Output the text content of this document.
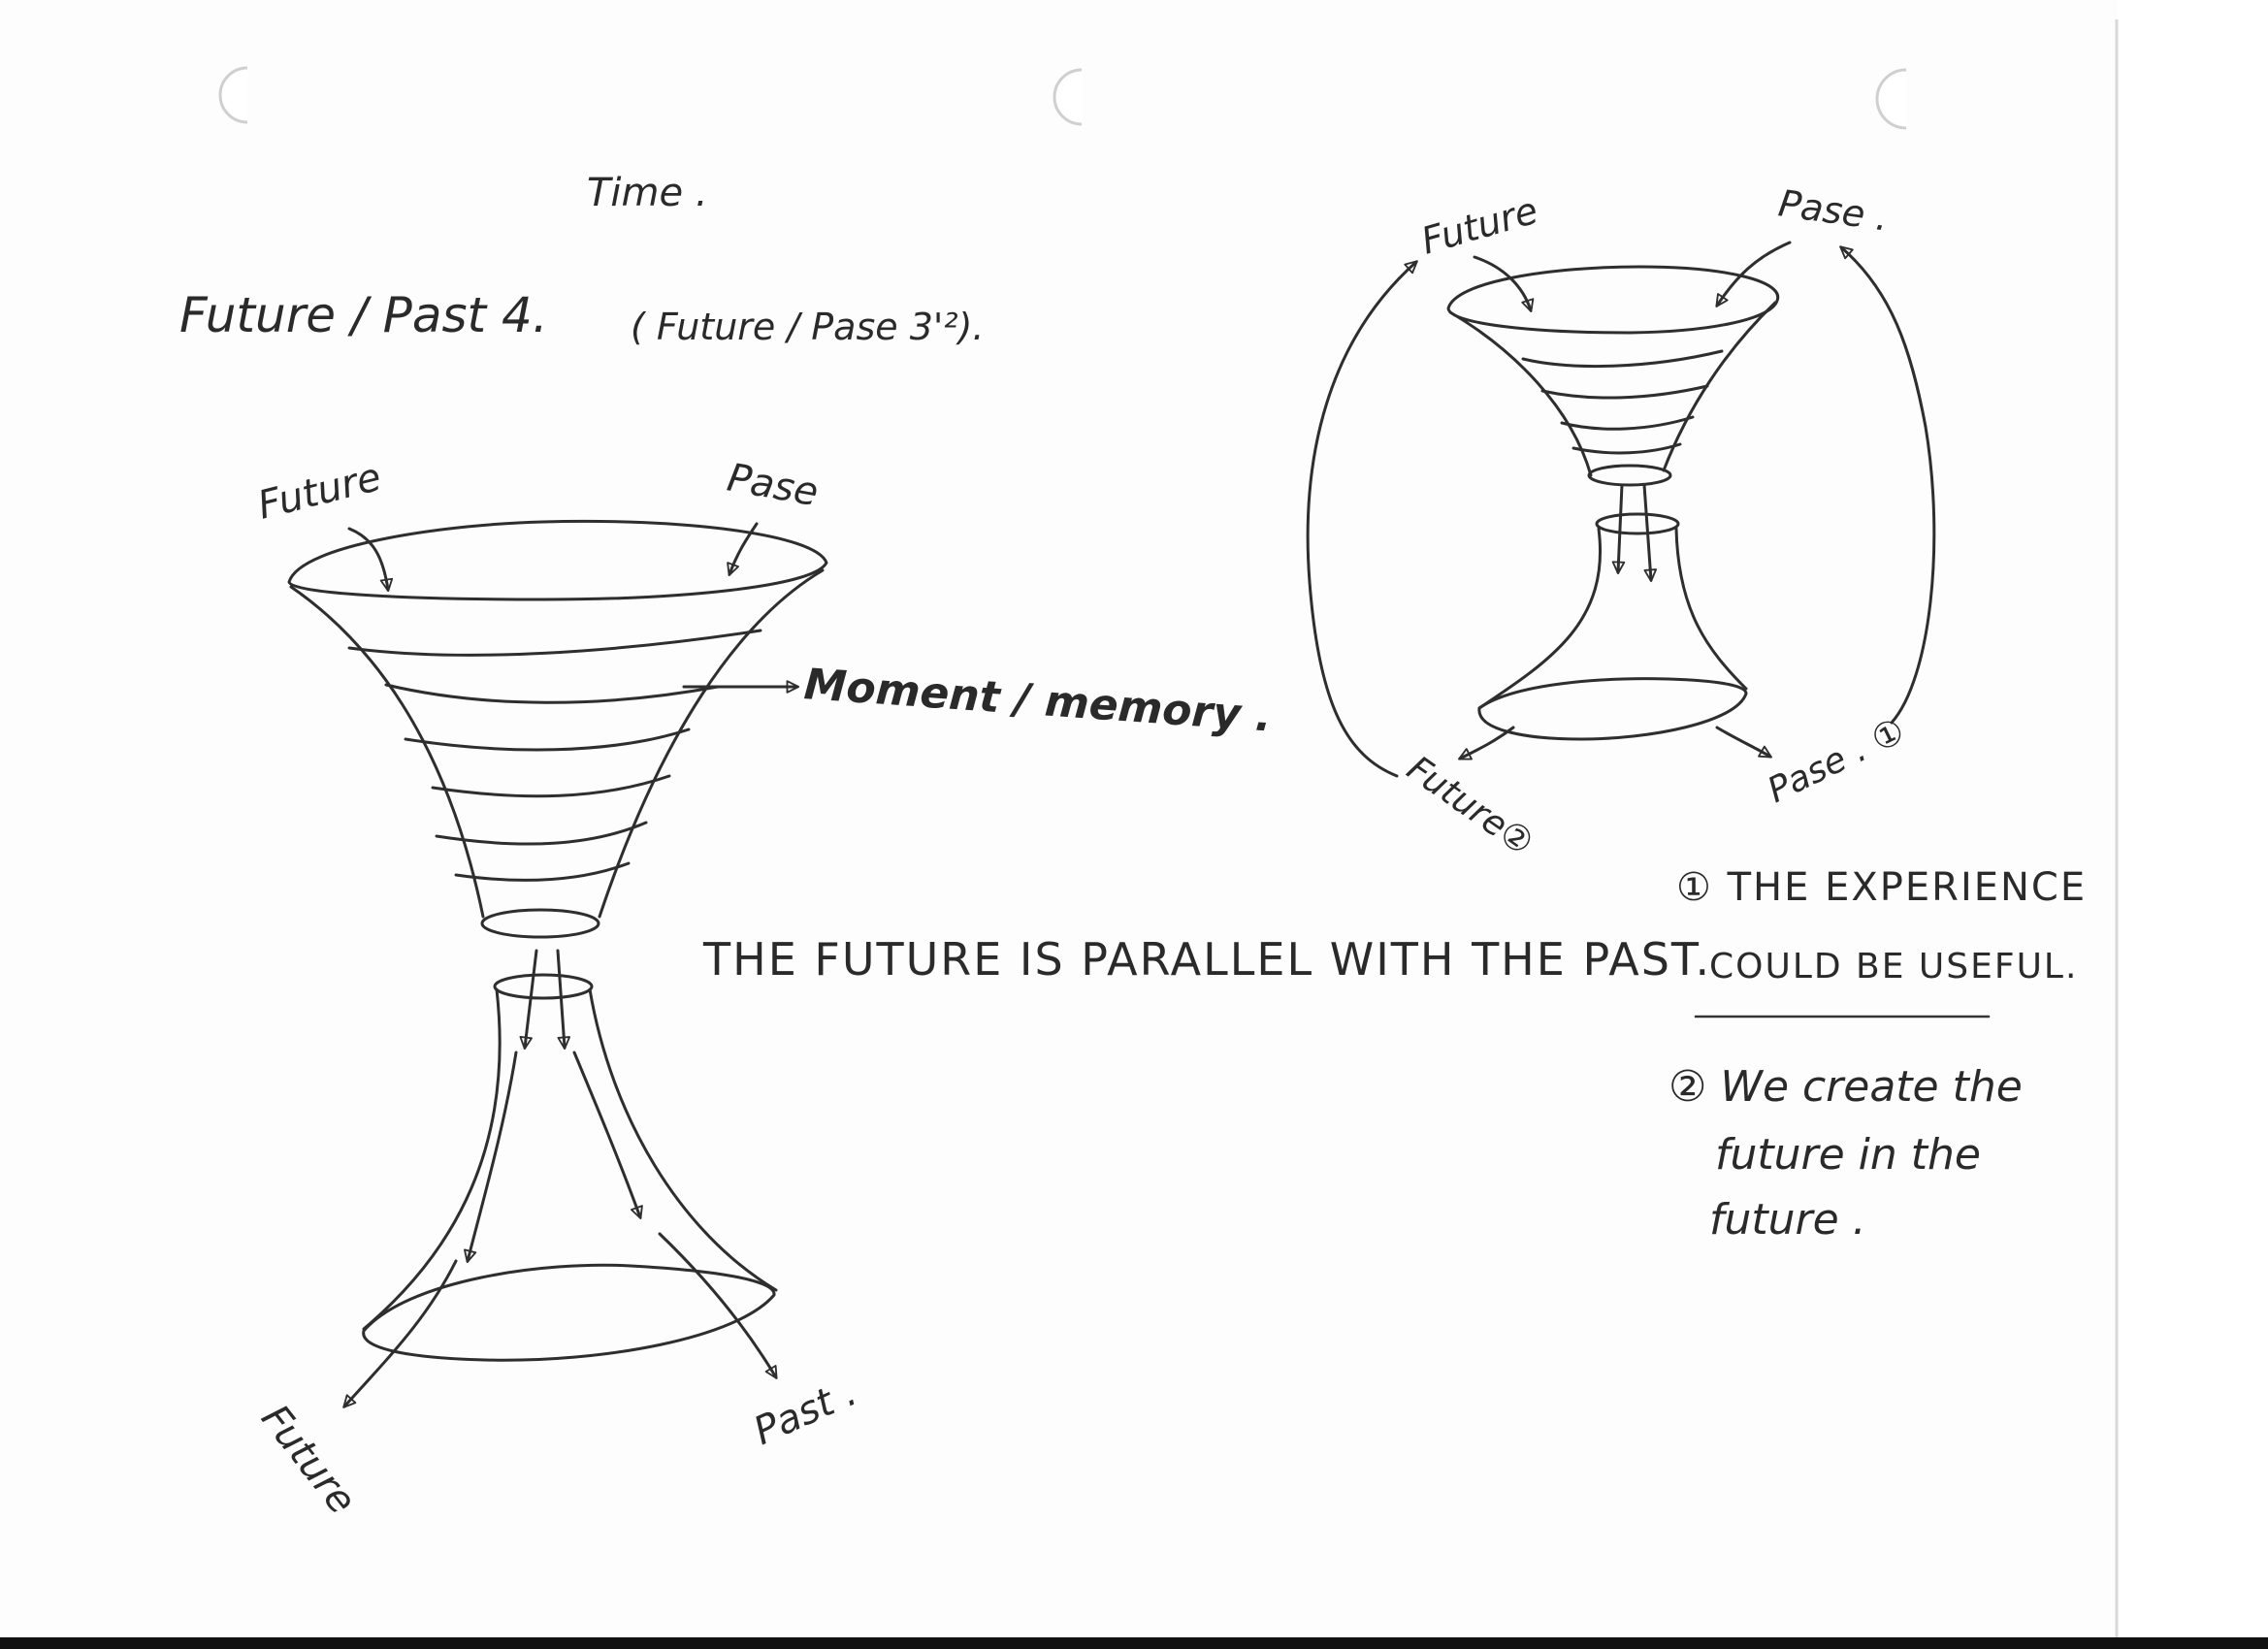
Time .
Future / Past 4. ( Future / Pase 3'²).
Future	Pase
Moment / memory .
Future	Past .
THE FUTURE IS PARALLEL WITH THE PAST.
Future	Pase .
Future②	Pase . ①
① THE EXPERIENCE
COULD BE USEFUL.
② We create the
future in the
future .
